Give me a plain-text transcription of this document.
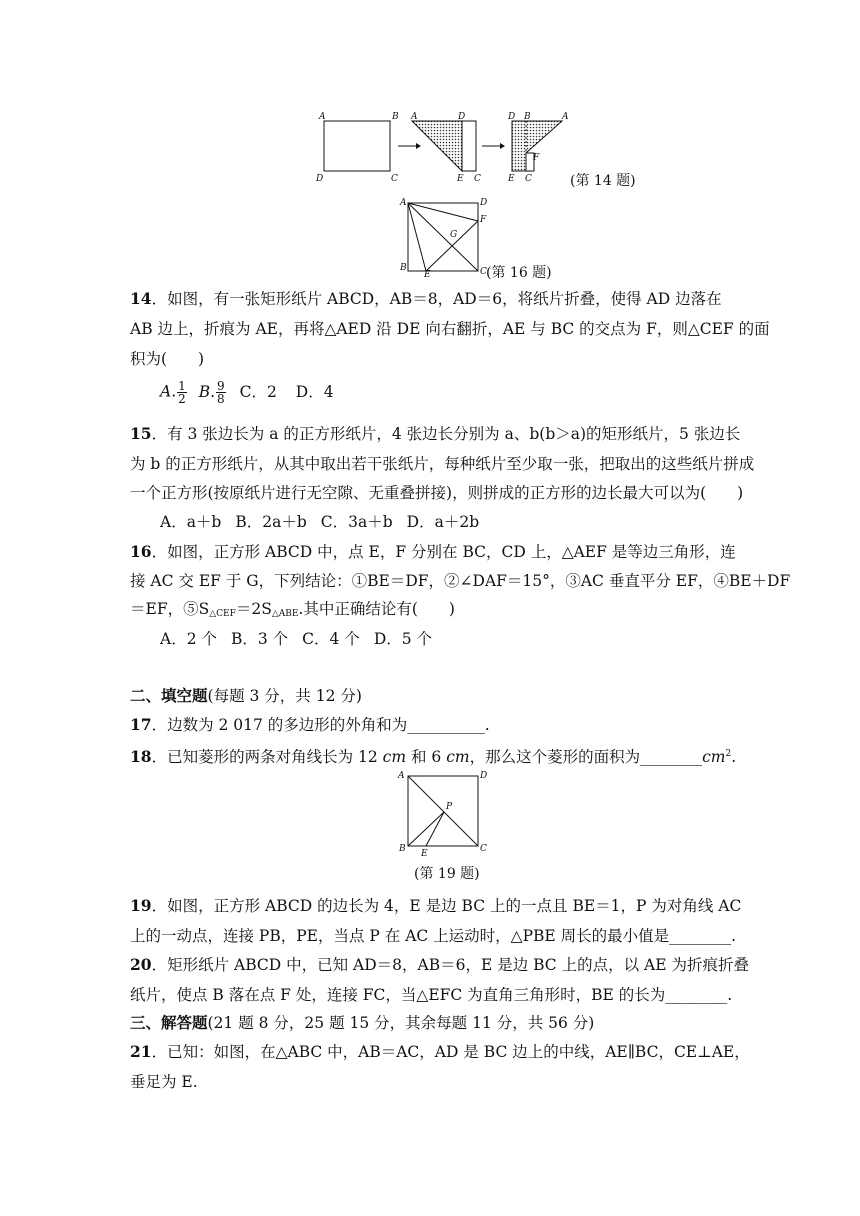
A	B
D	C
A	D
E C
D B	A
F
E C	(第 14 题)
A	D
F
G
B
E	C (第 16 题)
14．如图，有一张矩形纸片 ABCD，AB＝8，AD＝6，将纸片折叠，使得 AD 边落在
AB 边上，折痕为 AE，再将△AED 沿 DE 向右翻折，AE 与 BC 的交点为 F，则△CEF 的面
积为(　　)
A. $\frac{1}{2} B$. $\frac{9}{8}$ C．2 D．4
15．有 3 张边长为 a 的正方形纸片，4 张边长分别为 a、b(b＞a)的矩形纸片，5 张边长
为 b 的正方形纸片，从其中取出若干张纸片，每种纸片至少取一张，把取出的这些纸片拼成
一个正方形(按原纸片进行无空隙、无重叠拼接)，则拼成的正方形的边长最大可以为(　　)
A．a＋b B．2a＋b C．3a＋b D．a＋2b
16．如图，正方形 ABCD 中，点 E，F 分别在 BC，CD 上，△AEF 是等边三角形，连
接 AC 交 EF 于 G，下列结论：①BE＝DF，②∠DAF＝15°，③AC 垂直平分 EF，④BE＋DF
＝EF，$⑤S_{\triangle CEF}=2S_{\triangle ABE}$.其中正确结论有(　　)
A．2 个 B．3 个 C．4 个 D．5 个
二、填空题(每题 3 分，共 12 分)
17．边数为 2 017 的多边形的外角和为__________.
18．已知菱形的两条对角线长为 12 cm 和 6 cm，那么这个菱形的面积为$\_\_\_\_\_\_\_\_cm^2$.
A	D
P
B E	C
(第 19 题)
19．如图，正方形 ABCD 的边长为 4，E 是边 BC 上的一点且 BE＝1，P 为对角线 AC
上的一动点，连接 PB，PE，当点 P 在 AC 上运动时，△PBE 周长的最小值是________.
20．矩形纸片 ABCD 中，已知 AD＝8，AB＝6，E 是边 BC 上的点，以 AE 为折痕折叠
纸片，使点 B 落在点 F 处，连接 FC，当△EFC 为直角三角形时，BE 的长为________.
三、解答题(21 题 8 分，25 题 15 分，其余每题 11 分，共 56 分)
21．已知：如图，在△ABC 中，AB＝AC，AD 是 BC 边上的中线，AE∥BC，CE⊥AE，
垂足为 E.
